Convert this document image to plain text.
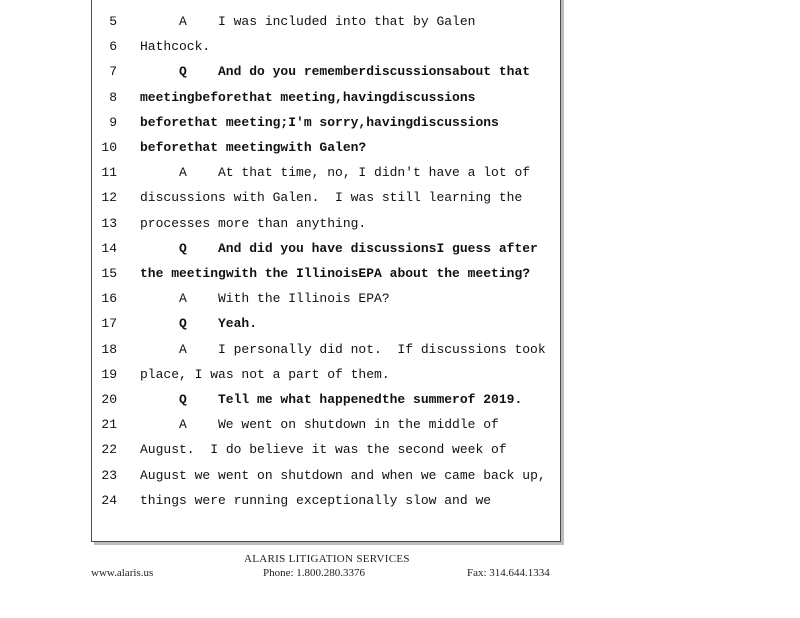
5	A    I was included into that by Galen
6 Hathcock.
7	Q    And do you rememberdiscussionsabout that
8 meetingbeforethat meeting,havingdiscussions
9 beforethat meeting;I'm sorry,havingdiscussions
10 beforethat meetingwith Galen?
11	A    At that time, no, I didn't have a lot of
12 discussions with Galen.  I was still learning the
13 processes more than anything.
14	Q    And did you have discussionsI guess after
15 the meetingwith the IllinoisEPA about the meeting?
16	A    With the Illinois EPA?
17	Q    Yeah.
18	A    I personally did not.  If discussions took
19 place, I was not a part of them.
20	Q    Tell me what happenedthe summerof 2019.
21	A    We went on shutdown in the middle of
22 August.  I do believe it was the second week of
23 August we went on shutdown and when we came back up,
24 things were running exceptionally slow and we
ALARIS LITIGATION SERVICES
www.alaris.us	Phone: 1.800.280.3376	Fax: 314.644.1334
